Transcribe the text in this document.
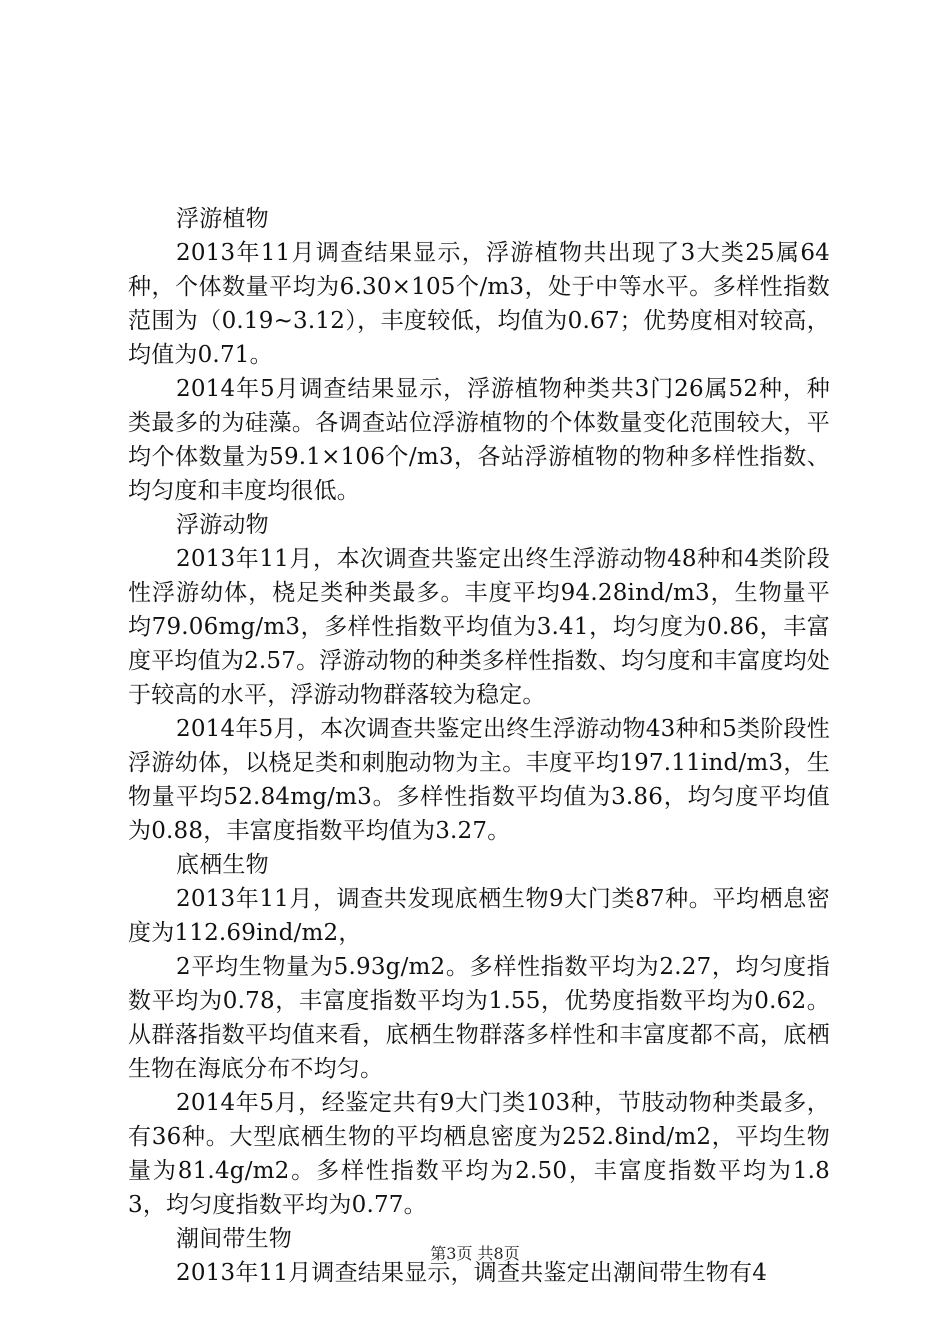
浮游植物

2013年11月调查结果显示，浮游植物共出现了3大类25属64种，个体数量平均为6.30×105个/m3，处于中等水平。多样性指数范围为（0.19~3.12），丰度较低，均值为0.67；优势度相对较高，均值为0.71。

2014年5月调查结果显示，浮游植物种类共3门26属52种，种类最多的为硅藻。各调查站位浮游植物的个体数量变化范围较大，平均个体数量为59.1×106个/m3，各站浮游植物的物种多样性指数、均匀度和丰度均很低。

浮游动物

2013年11月，本次调查共鉴定出终生浮游动物48种和4类阶段性浮游幼体，桡足类种类最多。丰度平均94.28ind/m3，生物量平均79.06mg/m3，多样性指数平均值为3.41，均匀度为0.86，丰富度平均值为2.57。浮游动物的种类多样性指数、均匀度和丰富度均处于较高的水平，浮游动物群落较为稳定。

2014年5月，本次调查共鉴定出终生浮游动物43种和5类阶段性浮游幼体，以桡足类和刺胞动物为主。丰度平均197.11ind/m3，生物量平均52.84mg/m3。多样性指数平均值为3.86，均匀度平均值为0.88，丰富度指数平均值为3.27。

底栖生物

2013年11月，调查共发现底栖生物9大门类87种。平均栖息密度为112.69ind/m2，

2平均生物量为5.93g/m2。多样性指数平均为2.27，均匀度指数平均为0.78，丰富度指数平均为1.55，优势度指数平均为0.62。从群落指数平均值来看，底栖生物群落多样性和丰富度都不高，底栖生物在海底分布不均匀。

2014年5月，经鉴定共有9大门类103种，节肢动物种类最多，有36种。大型底栖生物的平均栖息密度为252.8ind/m2，平均生物量为81.4g/m2。多样性指数平均为2.50，丰富度指数平均为1.83，均匀度指数平均为0.77。

潮间带生物

2013年11月调查结果显示，调查共鉴定出潮间带生物有4

第3页 共8页
